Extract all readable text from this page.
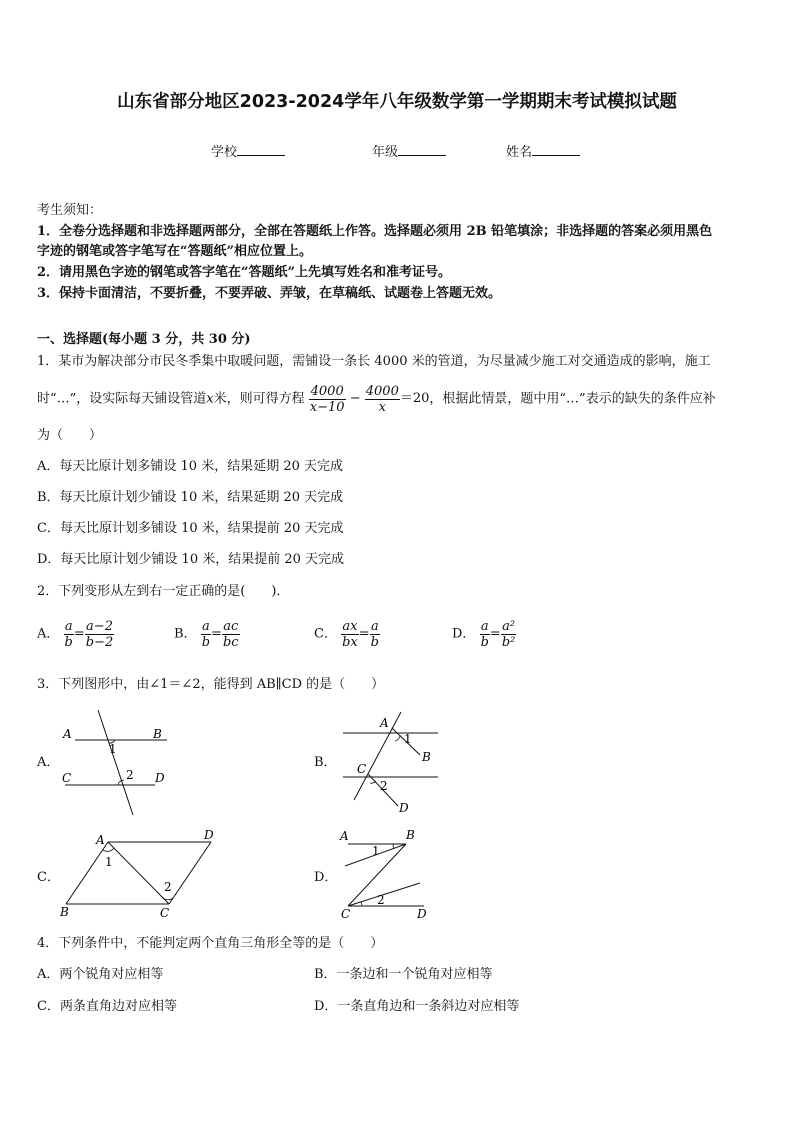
山东省部分地区2023-2024学年八年级数学第一学期期末考试模拟试题
学校	年级	姓名
考生须知：
1．全卷分选择题和非选择题两部分，全部在答题纸上作答。选择题必须用 2B 铅笔填涂；非选择题的答案必须用黑色
字迹的钢笔或答字笔写在“答题纸”相应位置上。
2．请用黑色字迹的钢笔或答字笔在“答题纸”上先填写姓名和准考证号。
3．保持卡面清洁，不要折叠，不要弄破、弄皱，在草稿纸、试题卷上答题无效。
一、选择题(每小题 3 分，共 30 分)
1．某市为解决部分市民冬季集中取暖问题，需铺设一条长 4000 米的管道，为尽量减少施工对交通造成的影响，施工
时“…”，设实际每天铺设管道x米，则可得方程 $\frac{4000}{x-10} - \frac{4000}{x} =20$，根据此情景，题中用“…”表示的缺失的条件应补
为（　　）
A．每天比原计划多铺设 10 米，结果延期 20 天完成
B．每天比原计划少铺设 10 米，结果延期 20 天完成
C．每天比原计划多铺设 10 米，结果提前 20 天完成
D．每天比原计划少铺设 10 米，结果提前 20 天完成
2．下列变形从左到右一定正确的是(　　)．
A． $\frac{a}{b} = \frac{a-2}{b-2}$	B． $\frac{a}{b} = \frac{ac}{bc}$	C． $\frac{ax}{bx} = \frac{a}{b}$	D． $\frac{a}{b} = \frac{\text{a²}}{\text{b²}}$
3．下列图形中，由∠1＝∠2，能得到 AB∥CD 的是（　　）
A．	B．
C．	D．
A	B
C	D
1
2
A
1
B
C
2
D
A	D
1
2
B	C
A	B
1
2
C	D
4．下列条件中，不能判定两个直角三角形全等的是（　　）
A．两个锐角对应相等	B．一条边和一个锐角对应相等
C．两条直角边对应相等	D．一条直角边和一条斜边对应相等
